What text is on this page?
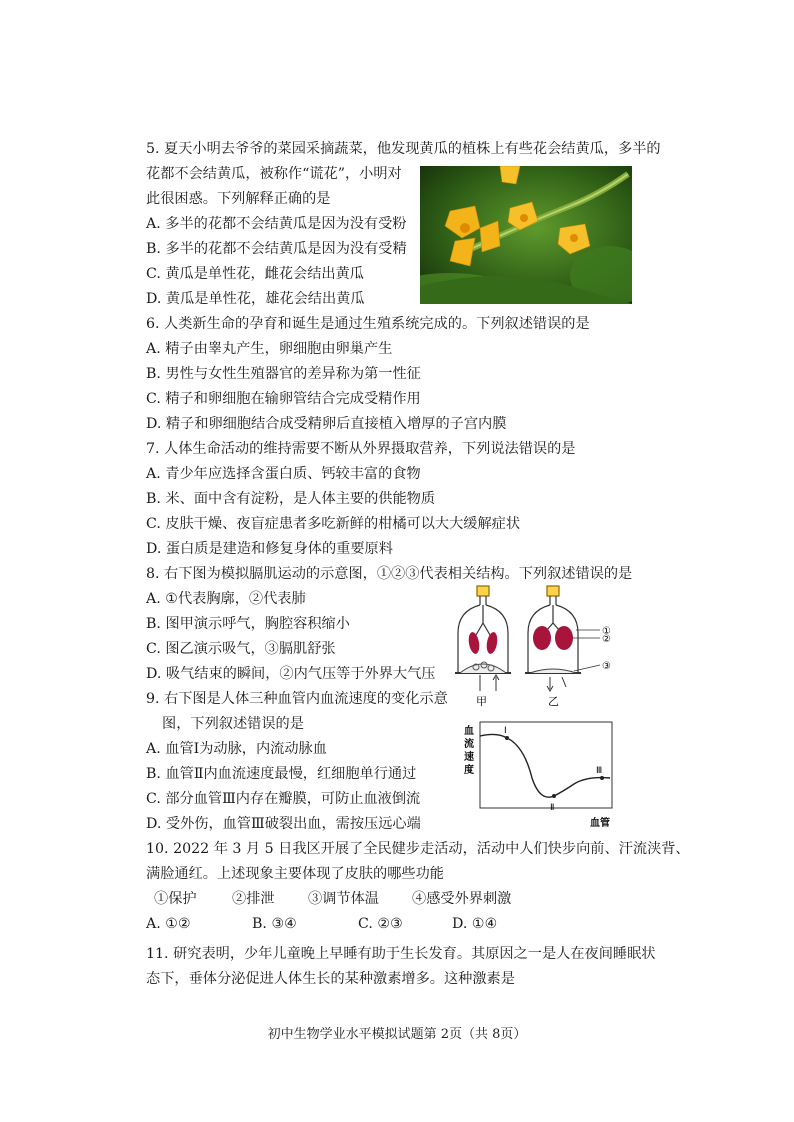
5. 夏天小明去爷爷的菜园采摘蔬菜，他发现黄瓜的植株上有些花会结黄瓜，多半的
花都不会结黄瓜，被称作“谎花”，小明对
此很困惑。下列解释正确的是
A. 多半的花都不会结黄瓜是因为没有受粉
B. 多半的花都不会结黄瓜是因为没有受精
C. 黄瓜是单性花，雌花会结出黄瓜
D. 黄瓜是单性花，雄花会结出黄瓜
6. 人类新生命的孕育和诞生是通过生殖系统完成的。下列叙述错误的是
A. 精子由睾丸产生，卵细胞由卵巢产生
B. 男性与女性生殖器官的差异称为第一性征
C. 精子和卵细胞在输卵管结合完成受精作用
D. 精子和卵细胞结合成受精卵后直接植入增厚的子宫内膜
7. 人体生命活动的维持需要不断从外界摄取营养，下列说法错误的是
A. 青少年应选择含蛋白质、钙较丰富的食物
B. 米、面中含有淀粉，是人体主要的供能物质
C. 皮肤干燥、夜盲症患者多吃新鲜的柑橘可以大大缓解症状
D. 蛋白质是建造和修复身体的重要原料
8. 右下图为模拟膈肌运动的示意图，①②③代表相关结构。下列叙述错误的是
A. ①代表胸廓，②代表肺
B. 图甲演示呼气，胸腔容积缩小
C. 图乙演示吸气，③膈肌舒张
D. 吸气结束的瞬间，②内气压等于外界大气压
①
②
③
甲	乙
9. 右下图是人体三种血管内血流速度的变化示意
图，下列叙述错误的是
A. 血管Ⅰ为动脉，内流动脉血
B. 血管Ⅱ内血流速度最慢，红细胞单行通过
C. 部分血管Ⅲ内存在瓣膜，可防止血液倒流
D. 受外伤，血管Ⅲ破裂出血，需按压远心端
Ⅰ
Ⅱ
Ⅲ
血
流
速
度
血管
10. 2022 年 3 月 5 日我区开展了全民健步走活动，活动中人们快步向前、汗流浃背、
满脸通红。上述现象主要体现了皮肤的哪些功能
①保护 ②排泄 ③调节体温 ④感受外界刺激
A. ①②	B. ③④	C. ②③	D. ①④
11. 研究表明，少年儿童晚上早睡有助于生长发育。其原因之一是人在夜间睡眠状
态下，垂体分泌促进人体生长的某种激素增多。这种激素是
初中生物学业水平模拟试题第 2页（共 8页）
